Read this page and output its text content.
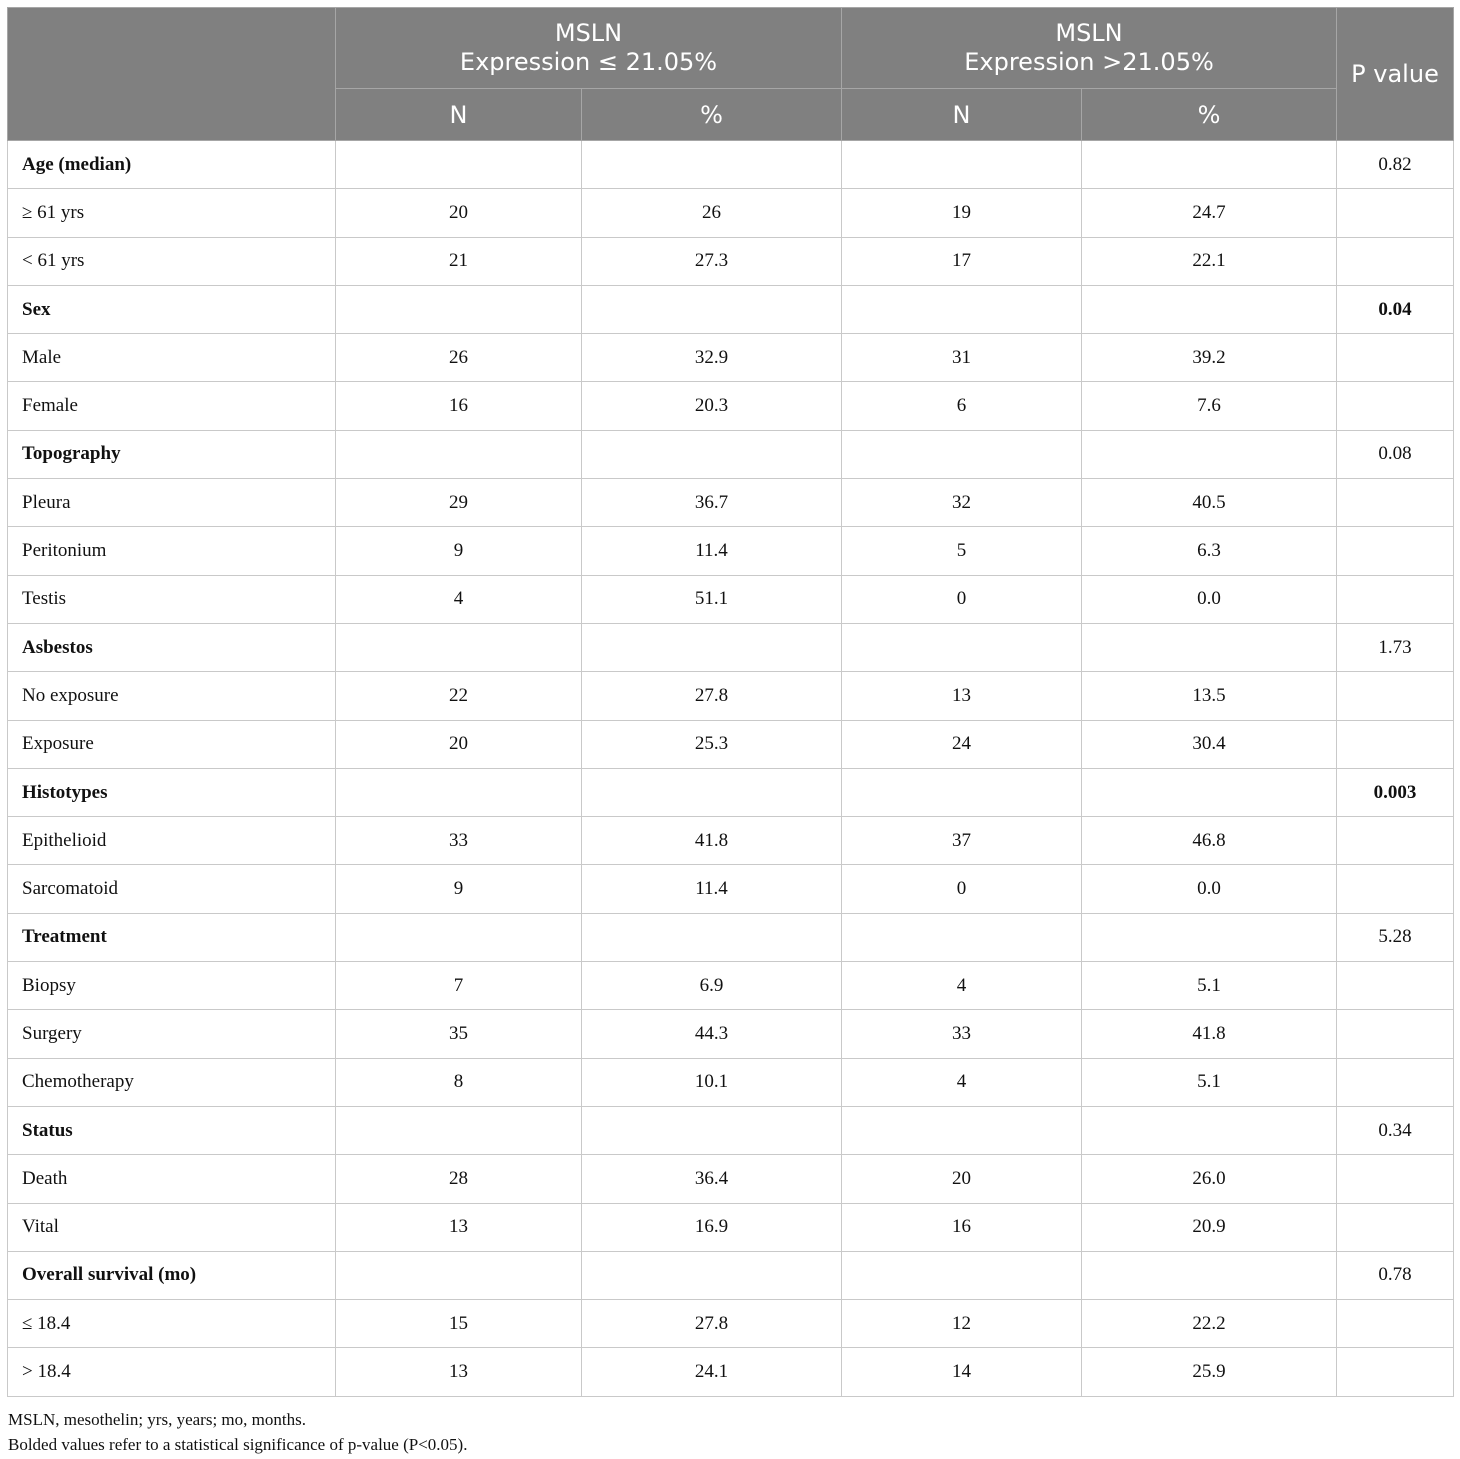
	MSLN
Expression ≤ 21.05%		MSLN
Expression >21.05%		P value
	N	%	N	%	
Age (median)					0.82
≥ 61 yrs	20	26	19	24.7	
< 61 yrs	21	27.3	17	22.1	
Sex					0.04
Male	26	32.9	31	39.2	
Female	16	20.3	6	7.6	
Topography					0.08
Pleura	29	36.7	32	40.5	
Peritonium	9	11.4	5	6.3	
Testis	4	51.1	0	0.0	
Asbestos					1.73
No exposure	22	27.8	13	13.5	
Exposure	20	25.3	24	30.4	
Histotypes					0.003
Epithelioid	33	41.8	37	46.8	
Sarcomatoid	9	11.4	0	0.0	
Treatment					5.28
Biopsy	7	6.9	4	5.1	
Surgery	35	44.3	33	41.8	
Chemotherapy	8	10.1	4	5.1	
Status					0.34
Death	28	36.4	20	26.0	
Vital	13	16.9	16	20.9	
Overall survival (mo)					0.78
≤ 18.4	15	27.8	12	22.2	
> 18.4	13	24.1	14	25.9	
MSLN, mesothelin; yrs, years; mo, months.
Bolded values refer to a statistical significance of p-value (P<0.05).
